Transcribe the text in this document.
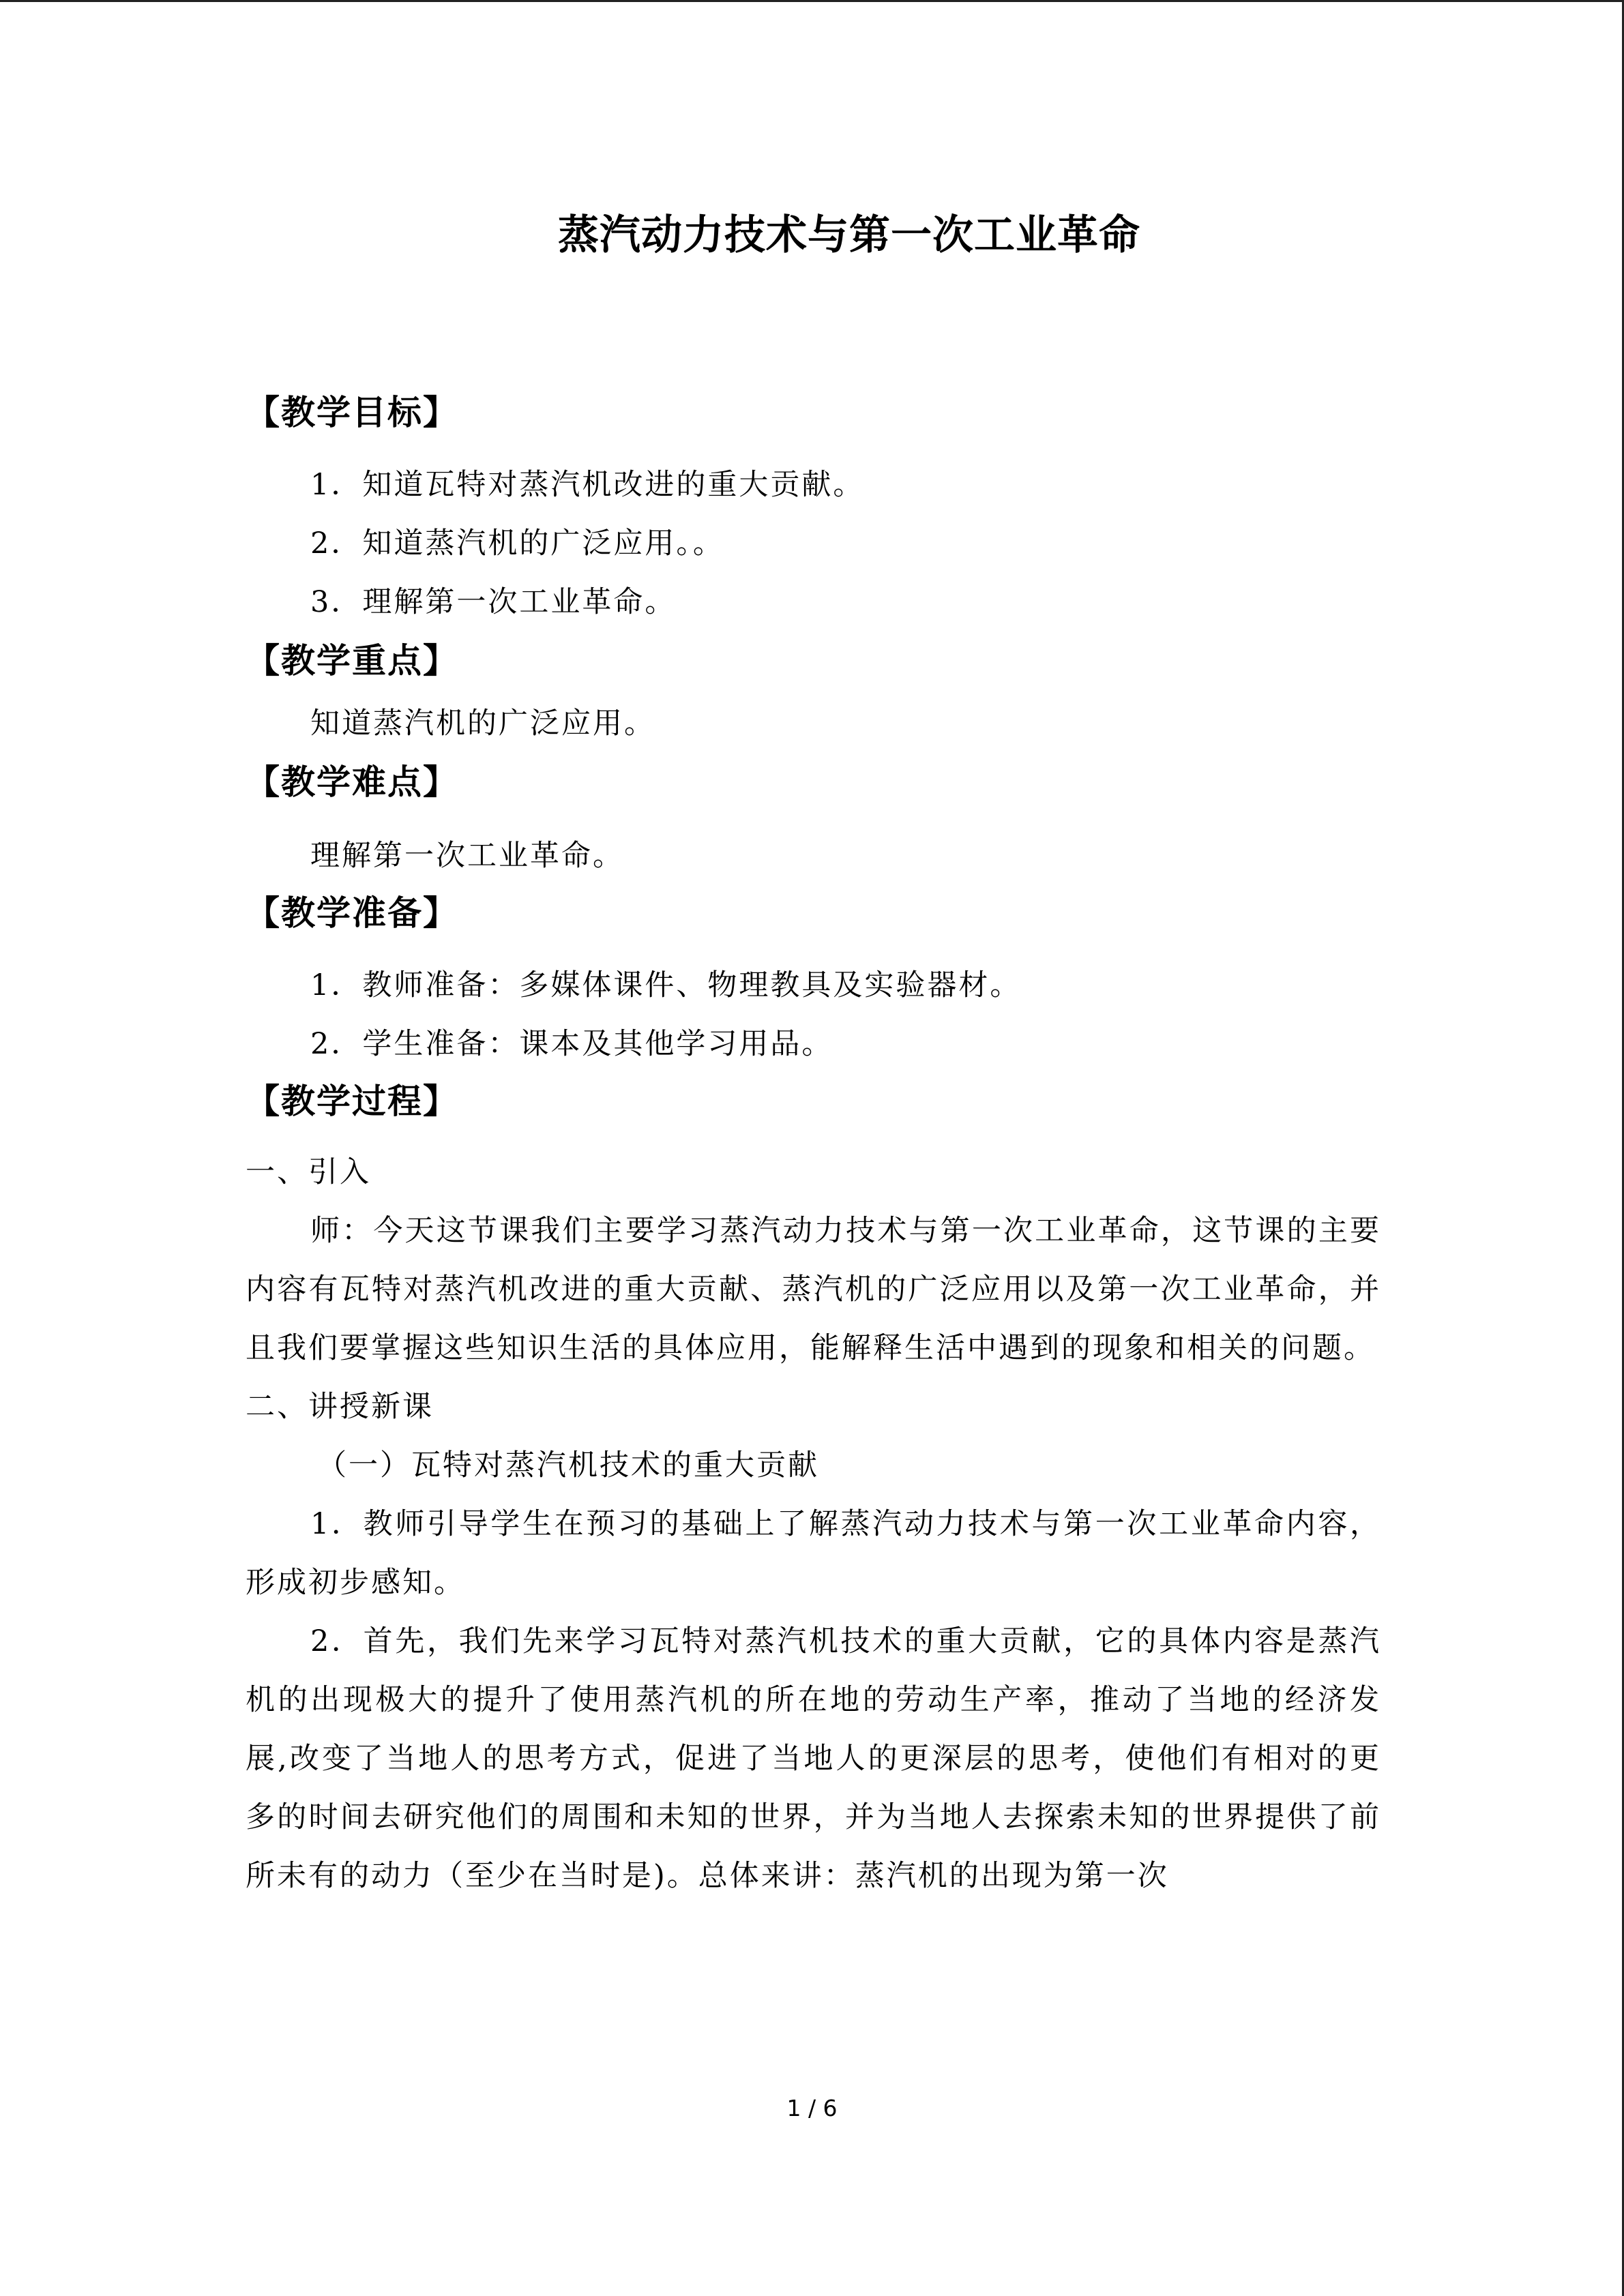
蒸汽动力技术与第一次工业革命
【教学目标】

1．知道瓦特对蒸汽机改进的重大贡献。

2．知道蒸汽机的广泛应用。。

3．理解第一次工业革命。

【教学重点】

知道蒸汽机的广泛应用。

【教学难点】

理解第一次工业革命。

【教学准备】

1．教师准备：多媒体课件、物理教具及实验器材。

2．学生准备：课本及其他学习用品。

【教学过程】

一、引入

师：今天这节课我们主要学习蒸汽动力技术与第一次工业革命，这节课的主要内容有瓦特对蒸汽机改进的重大贡献、蒸汽机的广泛应用以及第一次工业革命，并且我们要掌握这些知识生活的具体应用，能解释生活中遇到的现象和相关的问题。

二、讲授新课

（一）瓦特对蒸汽机技术的重大贡献

1．教师引导学生在预习的基础上了解蒸汽动力技术与第一次工业革命内容，形成初步感知。

2．首先，我们先来学习瓦特对蒸汽机技术的重大贡献，它的具体内容是蒸汽机的出现极大的提升了使用蒸汽机的所在地的劳动生产率，推动了当地的经济发展,改变了当地人的思考方式，促进了当地人的更深层的思考，使他们有相对的更多的时间去研究他们的周围和未知的世界，并为当地人去探索未知的世界提供了前所未有的动力（至少在当时是)。总体来讲：蒸汽机的出现为第一次

1 / 6
